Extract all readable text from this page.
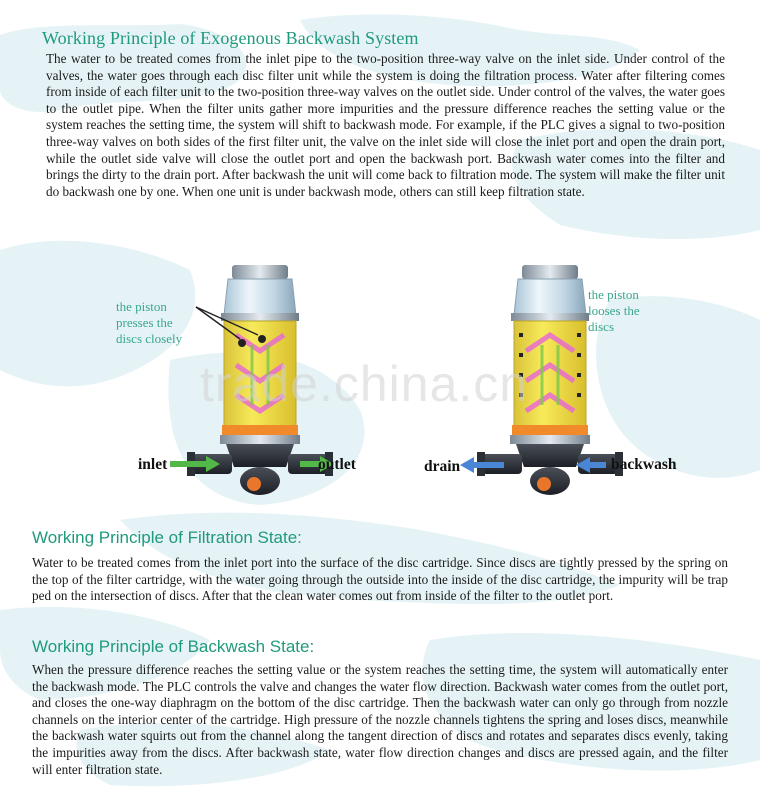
Working Principle of Exogenous Backwash System

The water to be treated comes from the inlet pipe to the two-position three-way valve on the inlet side. Under control of the valves, the water goes through each disc filter unit while the system is doing the filtration process. Water after filtering comes from inside of each filter unit to the two-position three-way valves on the outlet side. Under control of the valves, the water goes to the outlet pipe. When the filter units gather more impurities and the pressure difference reaches the setting value or the system reaches the setting time, the system will shift to backwash mode. For example, if the PLC gives a signal to two-position three-way valves on both sides of the first filter unit, the valve on the inlet side will close the inlet port and open the drain port, while the outlet side valve will close the outlet port and open the backwash port. Backwash water comes into the filter and brings the dirty to the drain port. After backwash the unit will come back to filtration mode. The system will make the filter unit do backwash one by one. When one unit is under backwash mode, others can still keep filtration state.

the piston
presses the
discs closely
the piston
looses the
discs
inlet	outlet	drain	backwash
trade.china.cn
Working Principle of Filtration State:

Water to be treated comes from the inlet port into the surface of the disc cartridge. Since discs are tightly pressed by the spring on the top of the filter cartridge, with the water going through the outside into the inside of the disc cartridge, the impurity will be trap ped on the intersection of discs. After that the clean water comes out from inside of the filter to the outlet port.

Working Principle of Backwash State:

When the pressure difference reaches the setting value or the system reaches the setting time, the system will automatically enter the backwash mode. The PLC controls the valve and changes the water flow direction. Backwash water comes from the outlet port, and closes the one-way diaphragm on the bottom of the disc cartridge. Then the backwash water can only go through from nozzle channels on the interior center of the cartridge. High pressure of the nozzle channels tightens the spring and loses discs, meanwhile the backwash water squirts out from the channel along the tangent direction of discs and rotates and separates discs evenly, taking the impurities away from the discs. After backwash state, water flow direction changes and discs are pressed again, and the filter will enter filtration state.
